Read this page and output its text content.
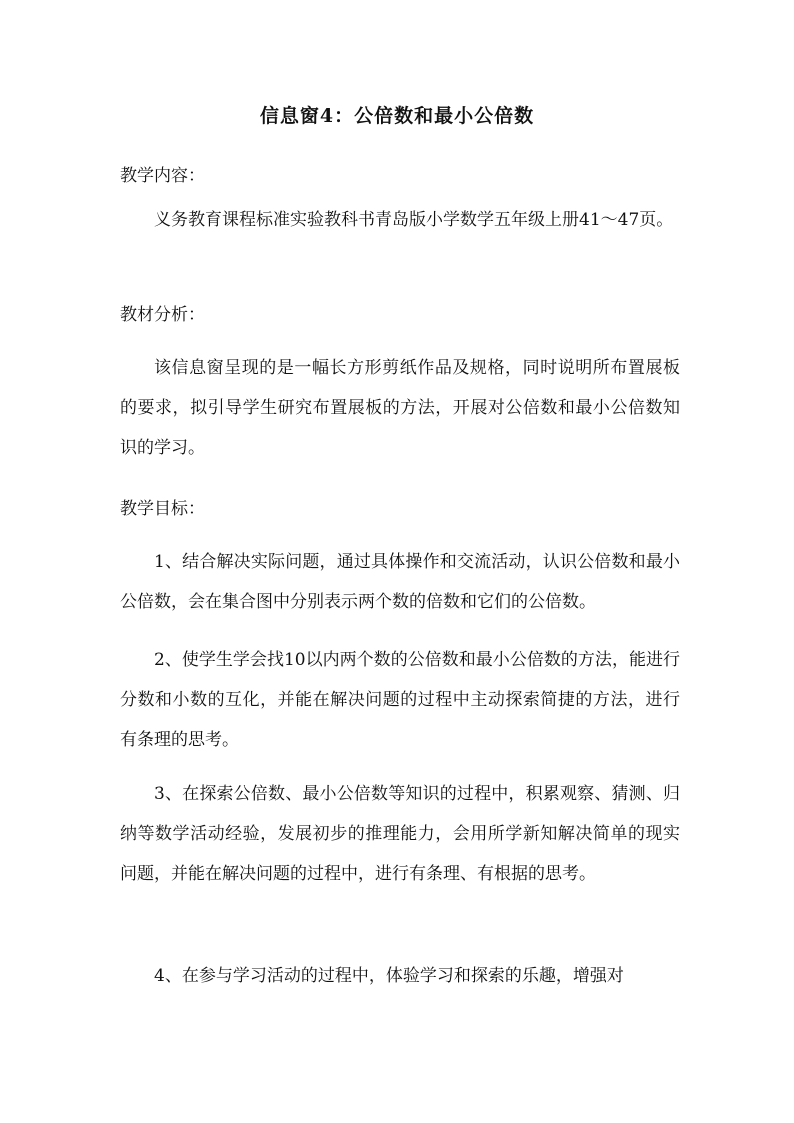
信息窗4：公倍数和最小公倍数

教学内容：

义务教育课程标准实验教科书青岛版小学数学五年级上册41～47页。

教材分析：

该信息窗呈现的是一幅长方形剪纸作品及规格，同时说明所布置展板的要求，拟引导学生研究布置展板的方法，开展对公倍数和最小公倍数知识的学习。

教学目标：

1、结合解决实际问题，通过具体操作和交流活动，认识公倍数和最小公倍数，会在集合图中分别表示两个数的倍数和它们的公倍数。

2、使学生学会找10以内两个数的公倍数和最小公倍数的方法，能进行分数和小数的互化，并能在解决问题的过程中主动探索简捷的方法，进行有条理的思考。

3、在探索公倍数、最小公倍数等知识的过程中，积累观察、猜测、归纳等数学活动经验，发展初步的推理能力，会用所学新知解决简单的现实问题，并能在解决问题的过程中，进行有条理、有根据的思考。

4、在参与学习活动的过程中，体验学习和探索的乐趣，增强对
